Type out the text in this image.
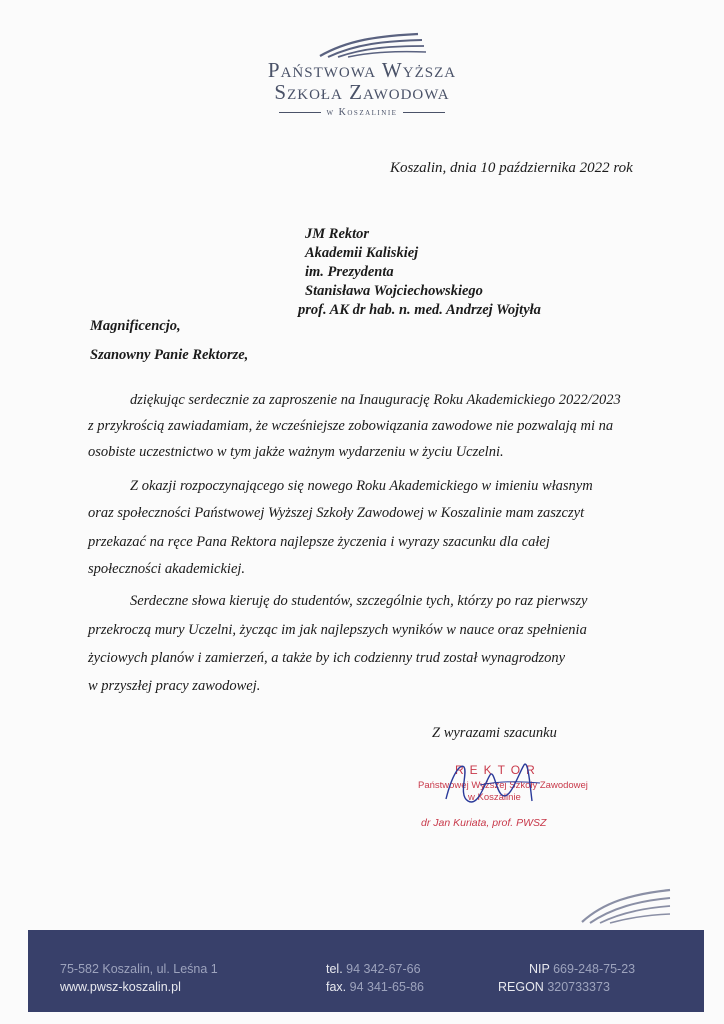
Państwowa Wyższa
Szkoła Zawodowa
w Koszalinie
Koszalin, dnia 10 października 2022 rok
JM Rektor
Akademii Kaliskiej
im. Prezydenta
Stanisława Wojciechowskiego
prof. AK dr hab. n. med. Andrzej Wojtyła
Magnificencjo,
Szanowny Panie Rektorze,
dziękując serdecznie za zaproszenie na Inaugurację Roku Akademickiego 2022/2023
z przykrością zawiadamiam, że wcześniejsze zobowiązania zawodowe nie pozwalają mi na
osobiste uczestnictwo w tym jakże ważnym wydarzeniu w życiu Uczelni.
Z okazji rozpoczynającego się nowego Roku Akademickiego w imieniu własnym
oraz społeczności Państwowej Wyższej Szkoły Zawodowej w Koszalinie mam zaszczyt
przekazać na ręce Pana Rektora najlepsze życzenia i wyrazy szacunku dla całej
społeczności akademickiej.
Serdeczne słowa kieruję do studentów, szczególnie tych, którzy po raz pierwszy
przekroczą mury Uczelni, życząc im jak najlepszych wyników w nauce oraz spełnienia
życiowych planów i zamierzeń, a także by ich codzienny trud został wynagrodzony
w przyszłej pracy zawodowej.
Z wyrazami szacunku
REKTOR
Państwowej Wyższej Szkoły Zawodowej
w Koszalinie
dr Jan Kuriata, prof. PWSZ
75-582 Koszalin, ul. Leśna 1
www.pwsz-koszalin.pl
tel. 94 342-67-66
fax. 94 341-65-86
NIP 669-248-75-23
REGON 320733373
